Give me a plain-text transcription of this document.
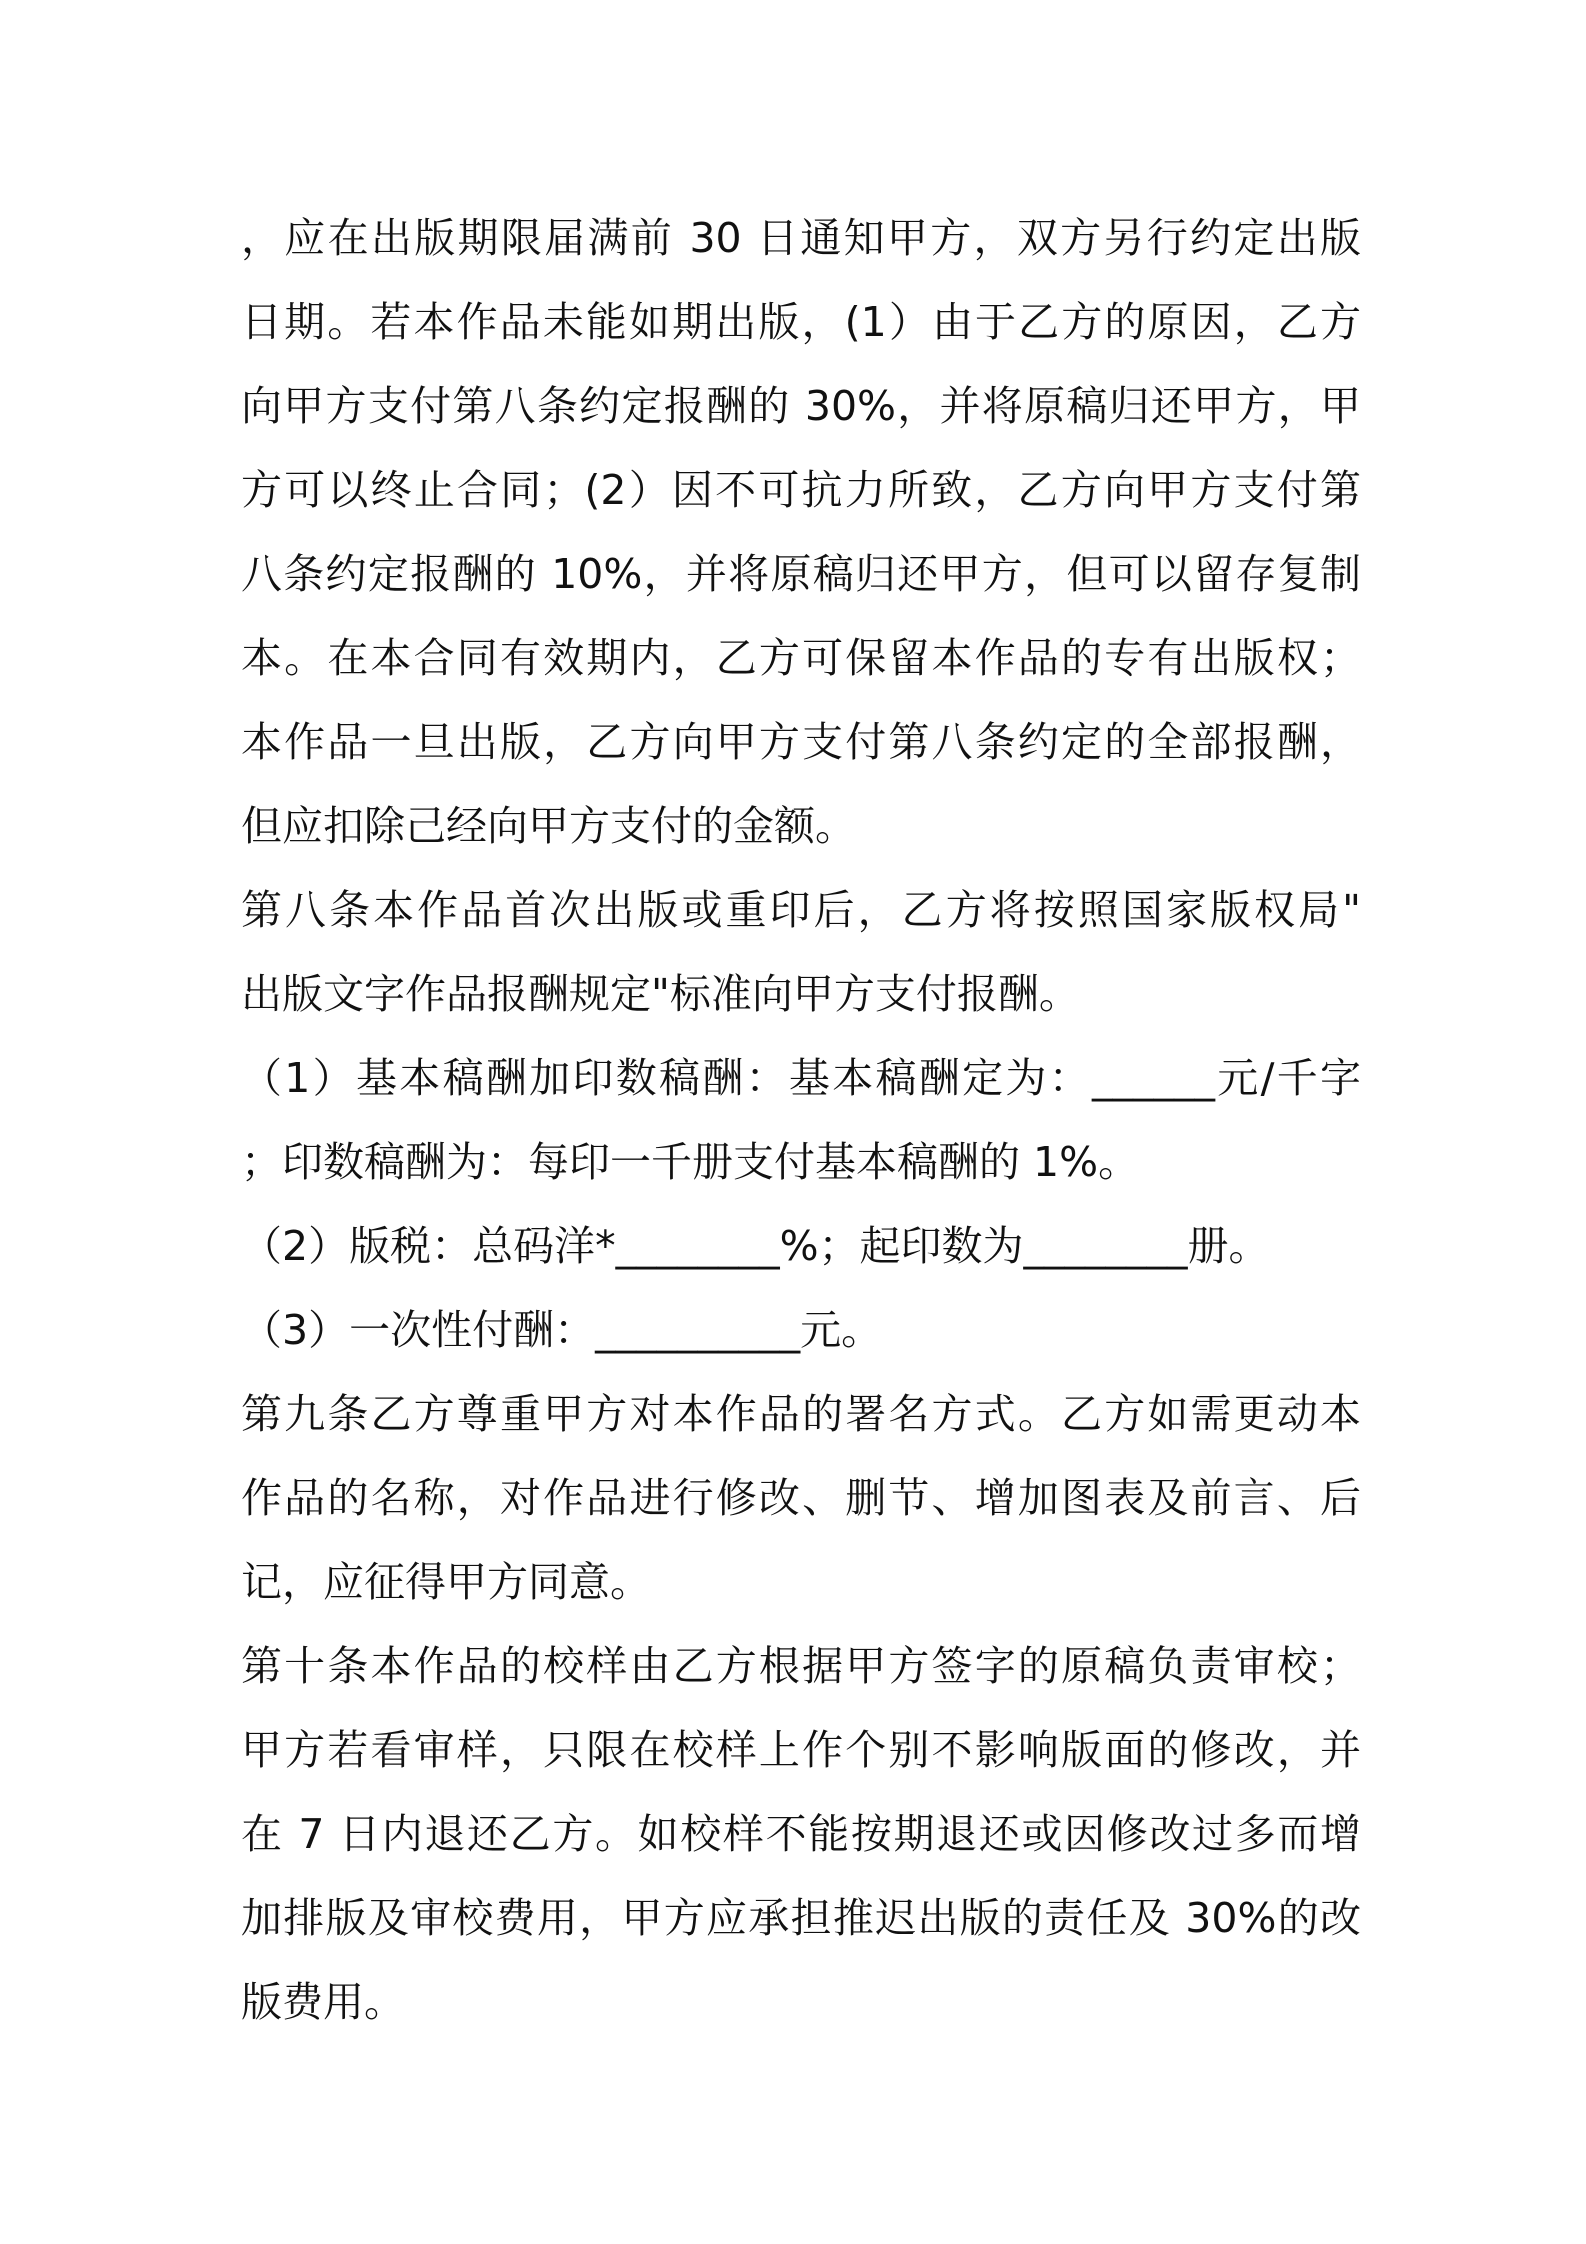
，应在出版期限届满前 30 日通知甲方，双方另行约定出版
日期。若本作品未能如期出版，(1）由于乙方的原因，乙方
向甲方支付第八条约定报酬的 30%，并将原稿归还甲方，甲
方可以终止合同；(2）因不可抗力所致，乙方向甲方支付第
八条约定报酬的 10%，并将原稿归还甲方，但可以留存复制
本。在本合同有效期内，乙方可保留本作品的专有出版权；
本作品一旦出版，乙方向甲方支付第八条约定的全部报酬，
但应扣除己经向甲方支付的金额。
第八条本作品首次出版或重印后，乙方将按照国家版权局"
出版文字作品报酬规定"标准向甲方支付报酬。
（1）基本稿酬加印数稿酬：基本稿酬定为：______元/千字
；印数稿酬为：每印一千册支付基本稿酬的 1%。
（2）版税：总码洋*________%；起印数为________册。
（3）一次性付酬：__________元。
第九条乙方尊重甲方对本作品的署名方式。乙方如需更动本
作品的名称，对作品进行修改、删节、增加图表及前言、后
记，应征得甲方同意。
第十条本作品的校样由乙方根据甲方签字的原稿负责审校；
甲方若看审样，只限在校样上作个别不影响版面的修改，并
在 7 日内退还乙方。如校样不能按期退还或因修改过多而增
加排版及审校费用，甲方应承担推迟出版的责任及 30%的改
版费用。
